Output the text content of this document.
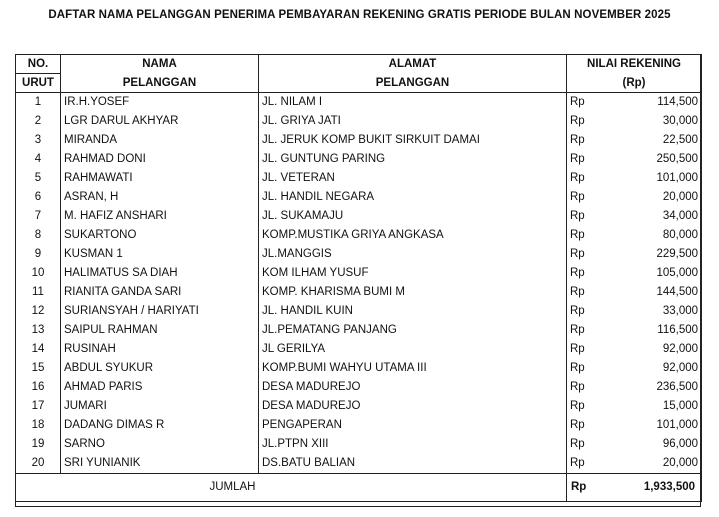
DAFTAR NAMA PELANGGAN PENERIMA PEMBAYARAN REKENING GRATIS PERIODE BULAN NOVEMBER 2025
NO.	NAMA	ALAMAT	NILAI REKENING	
URUT	PELANGGAN	PELANGGAN	(Rp)	
1	IR.H.YOSEF	JL. NILAM I	Rp	114,500
2	LGR DARUL AKHYAR	JL. GRIYA JATI	Rp	30,000
3	MIRANDA	JL. JERUK KOMP BUKIT SIRKUIT DAMAI	Rp	22,500
4	RAHMAD DONI	JL. GUNTUNG PARING	Rp	250,500
5	RAHMAWATI	JL. VETERAN	Rp	101,000
6	ASRAN, H	JL. HANDIL NEGARA	Rp	20,000
7	M. HAFIZ ANSHARI	JL. SUKAMAJU	Rp	34,000
8	SUKARTONO	KOMP.MUSTIKA GRIYA ANGKASA	Rp	80,000
9	KUSMAN 1	JL.MANGGIS	Rp	229,500
10	HALIMATUS SA DIAH	KOM ILHAM YUSUF	Rp	105,000
11	RIANITA GANDA SARI	KOMP. KHARISMA BUMI M	Rp	144,500
12	SURIANSYAH / HARIYATI	JL. HANDIL KUIN	Rp	33,000
13	SAIPUL RAHMAN	JL.PEMATANG PANJANG	Rp	116,500
14	RUSINAH	JL GERILYA	Rp	92,000
15	ABDUL SYUKUR	KOMP.BUMI WAHYU UTAMA III	Rp	92,000
16	AHMAD PARIS	DESA MADUREJO	Rp	236,500
17	JUMARI	DESA MADUREJO	Rp	15,000
18	DADANG DIMAS R	PENGAPERAN	Rp	101,000
19	SARNO	JL.PTPN XIII	Rp	96,000
20	SRI YUNIANIK	DS.BATU BALIAN	Rp	20,000
JUMLAH			Rp	1,933,500
